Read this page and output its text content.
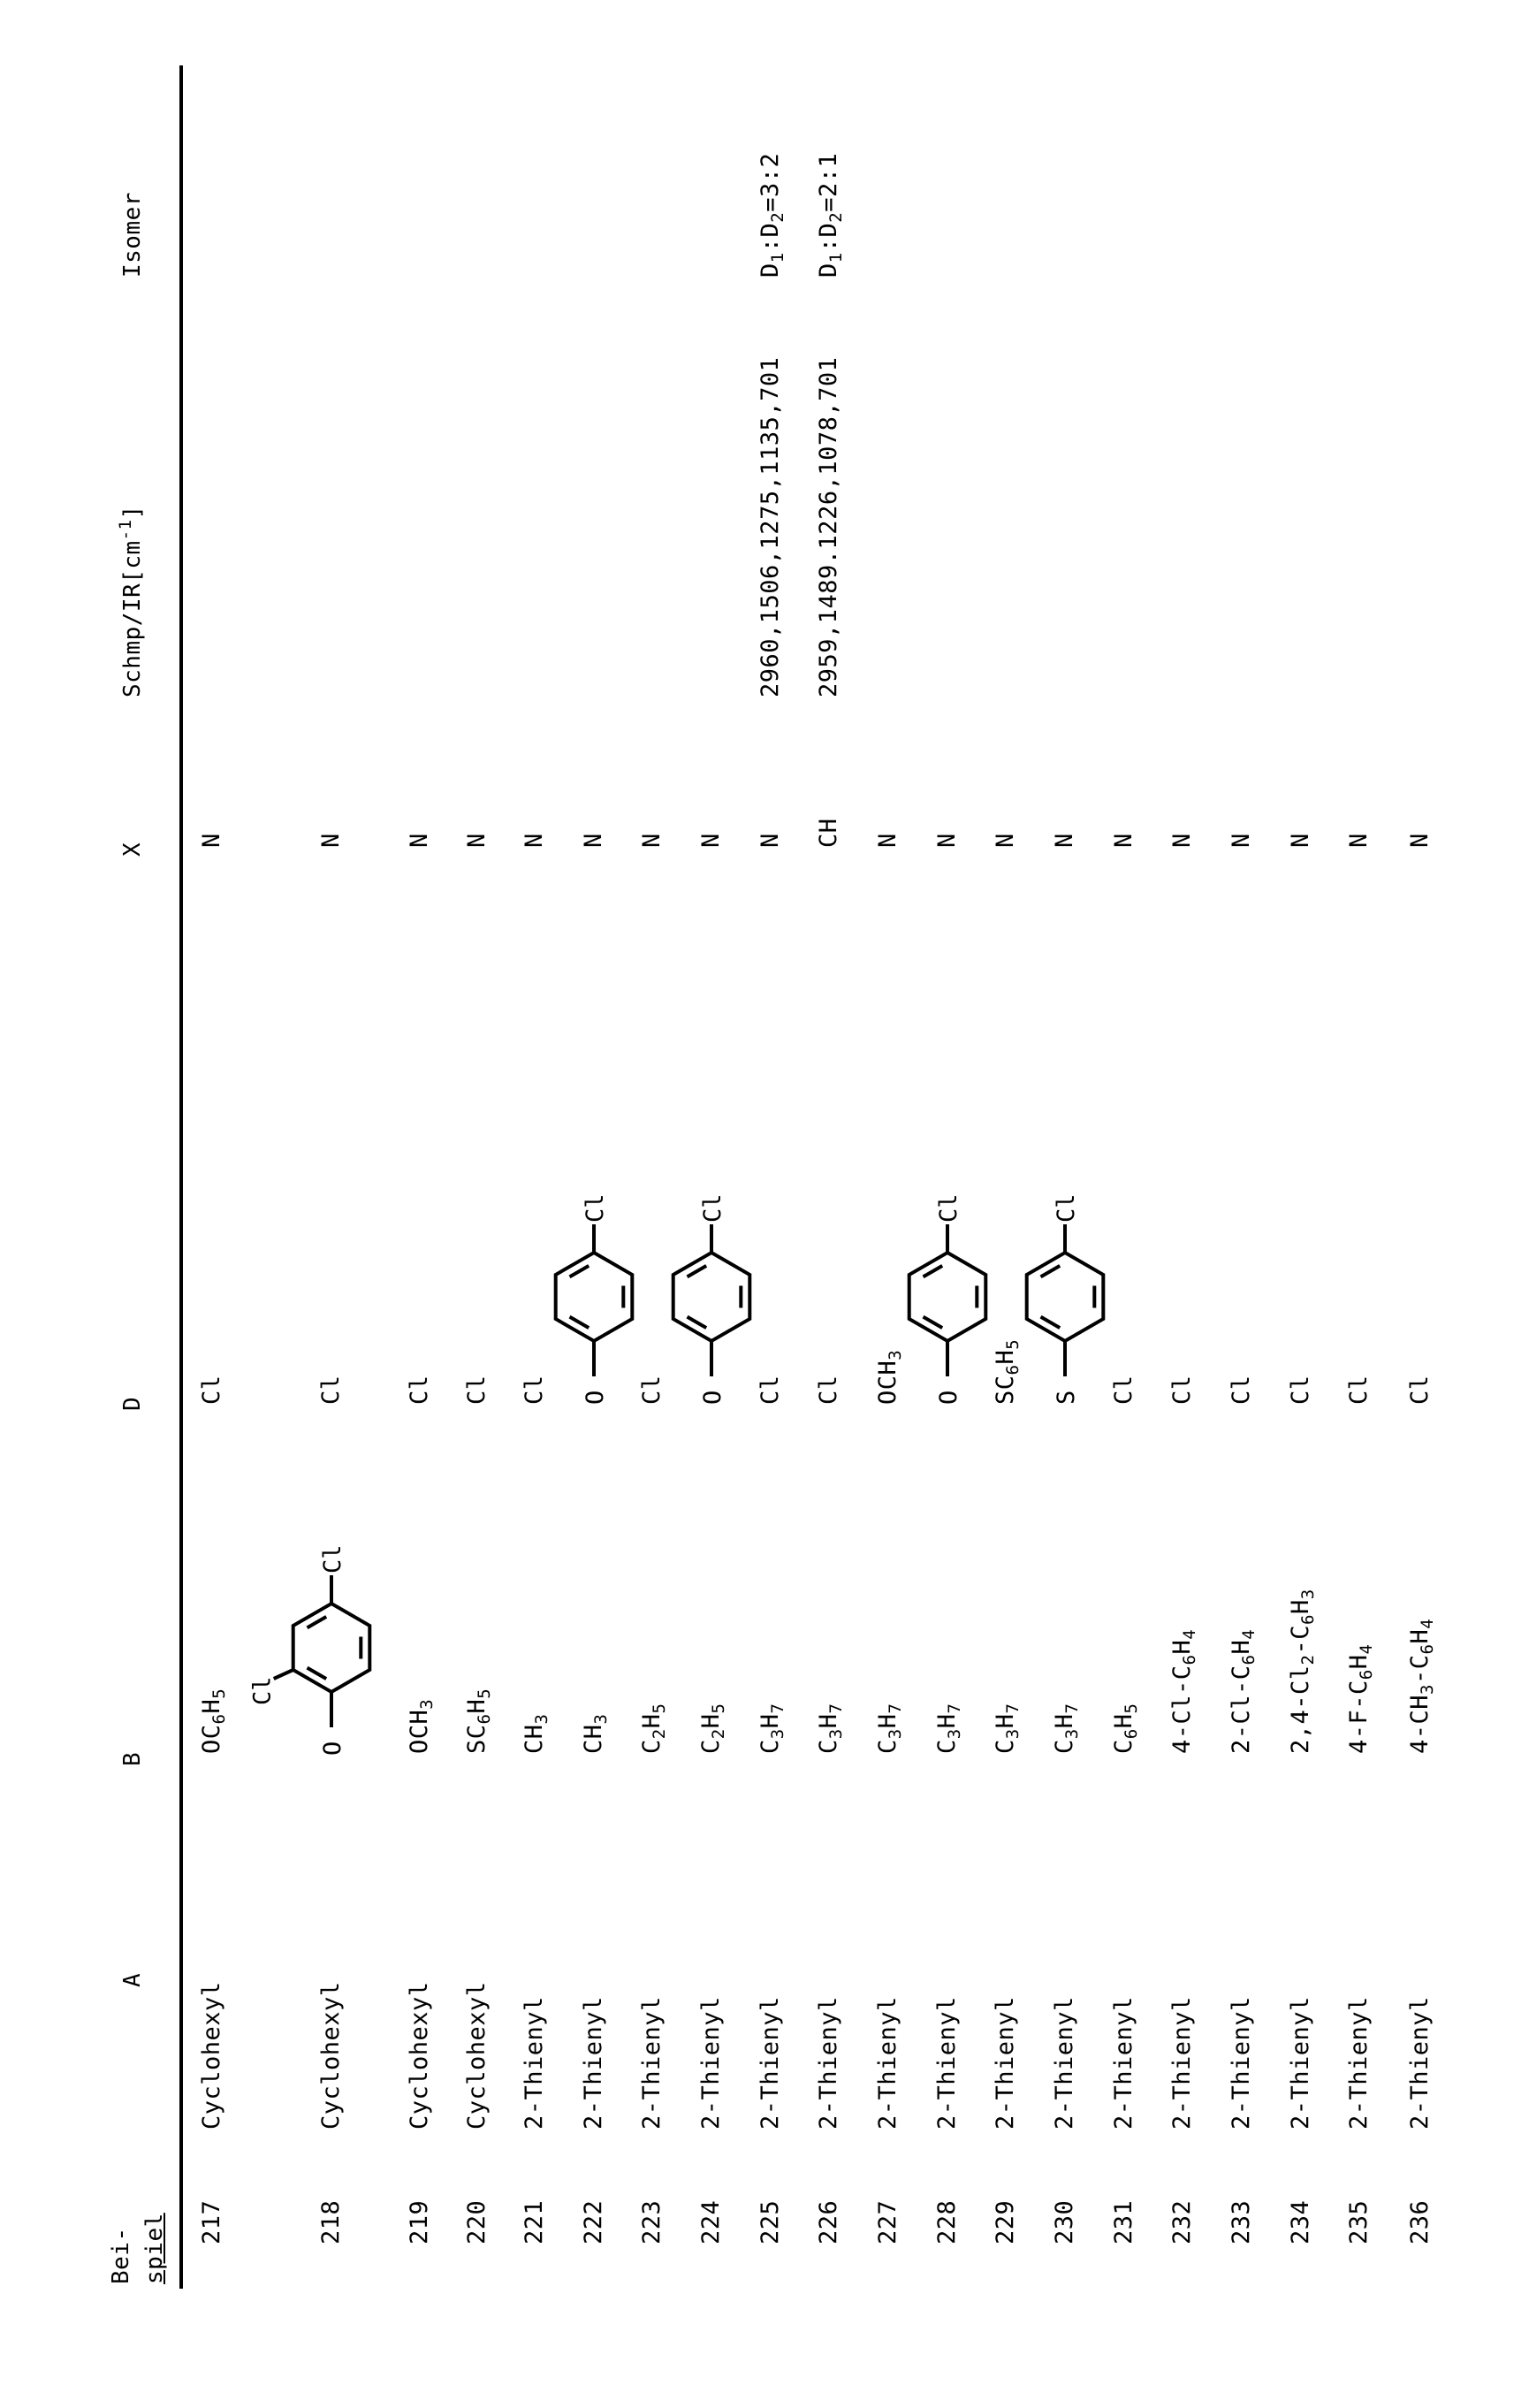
Bei- spiel
A
B
D
X
Schmp/$IR[cm^{-1}]$
Isomer
217
Cyclohexyl
$OC_6H_5$
Cl
N
218
Cyclohexyl
O
Cl
Cl
Cl
N
219
Cyclohexyl
$OCH_3$
Cl
N
220
Cyclohexyl
$SC_6H_5$
Cl
N
221
2-Thienyl
$CH_3$
Cl
N
222
2-Thienyl
$CH_3$
O
Cl
N
223
2-Thienyl
$C_2H_5$
Cl
N
224
2-Thienyl
$C_2H_5$
O
Cl
N
225
2-Thienyl
$C_3H_7$
Cl
N
2960,1506,1275,1135,701
$D_1:D_2=3:2$
226
2-Thienyl
$C_3H_7$
Cl
CH
2959,1489.1226,1078,701
$D_1:D_2=2:1$
227
2-Thienyl
$C_3H_7$
$OCH_3$
N
228
2-Thienyl
$C_3H_7$
O
Cl
N
229
2-Thienyl
$C_3H_7$
$SC_6H_5$
N
230
2-Thienyl
$C_3H_7$
S
Cl
N
231
2-Thienyl
$C_6H_5$
Cl
N
232
2-Thienyl
$4-Cl-C_6H_4$
Cl
N
233
2-Thienyl
$2-Cl-C_6H_4$
Cl
N
234
2-Thienyl
$2,4-Cl_2-C_6H_3$
Cl
N
235
2-Thienyl
$4-F-C_6H_4$
Cl
N
236
2-Thienyl
$4-CH_3-C_6H_4$
Cl
N
